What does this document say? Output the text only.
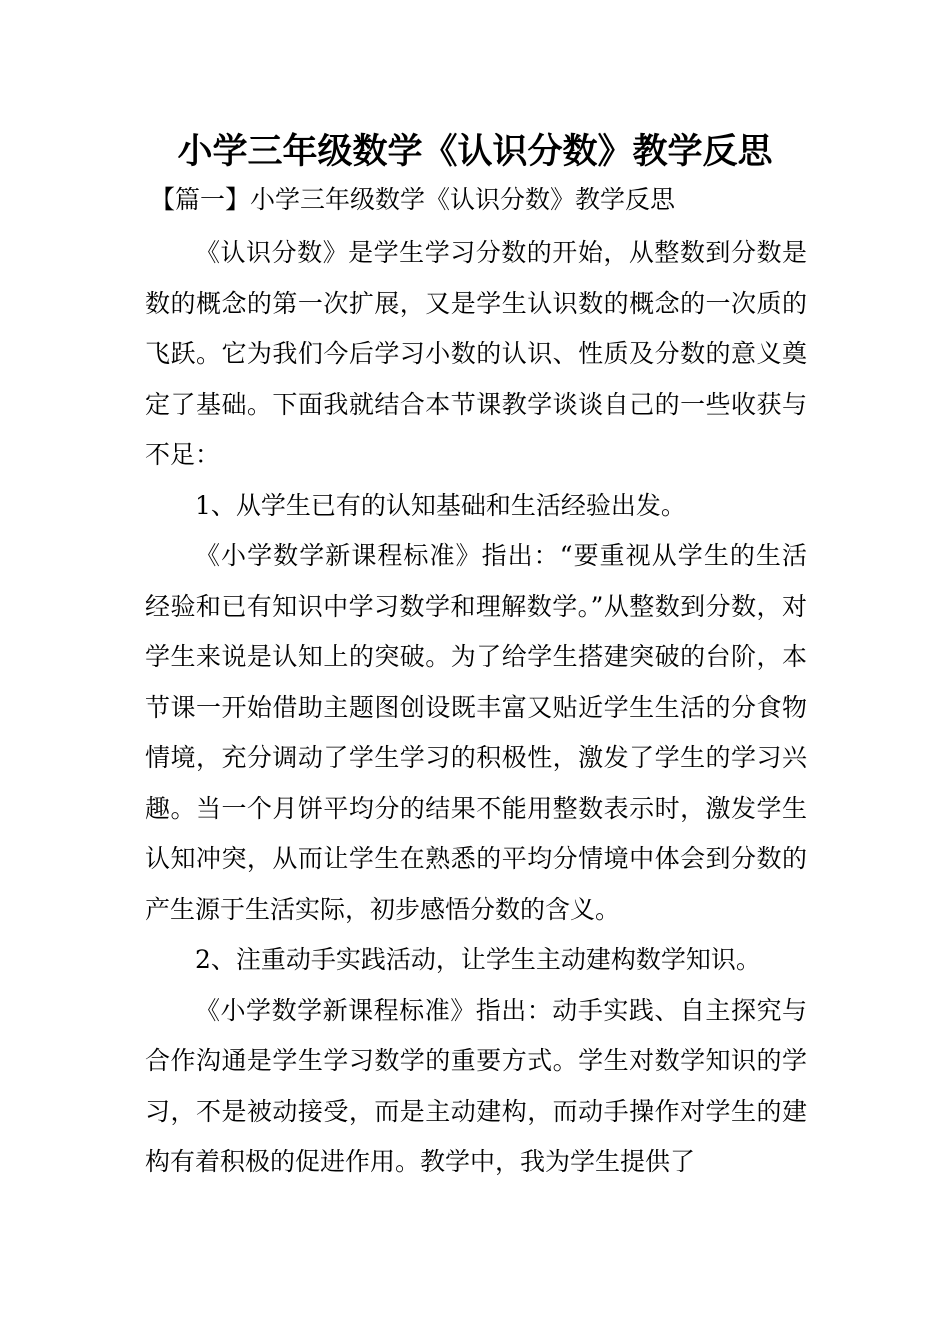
小学三年级数学《认识分数》教学反思
【篇一】小学三年级数学《认识分数》教学反思

《认识分数》是学生学习分数的开始，从整数到分数是数的概念的第一次扩展，又是学生认识数的概念的一次质的飞跃。它为我们今后学习小数的认识、性质及分数的意义奠定了基础。下面我就结合本节课教学谈谈自己的一些收获与不足：

1、从学生已有的认知基础和生活经验出发。

《小学数学新课程标准》指出：“要重视从学生的生活经验和已有知识中学习数学和理解数学。”从整数到分数，对学生来说是认知上的突破。为了给学生搭建突破的台阶，本节课一开始借助主题图创设既丰富又贴近学生生活的分食物情境，充分调动了学生学习的积极性，激发了学生的学习兴趣。当一个月饼平均分的结果不能用整数表示时，激发学生认知冲突，从而让学生在熟悉的平均分情境中体会到分数的产生源于生活实际，初步感悟分数的含义。

2、注重动手实践活动，让学生主动建构数学知识。

《小学数学新课程标准》指出：动手实践、自主探究与合作沟通是学生学习数学的重要方式。学生对数学知识的学习，不是被动接受，而是主动建构，而动手操作对学生的建构有着积极的促进作用。教学中，我为学生提供了
